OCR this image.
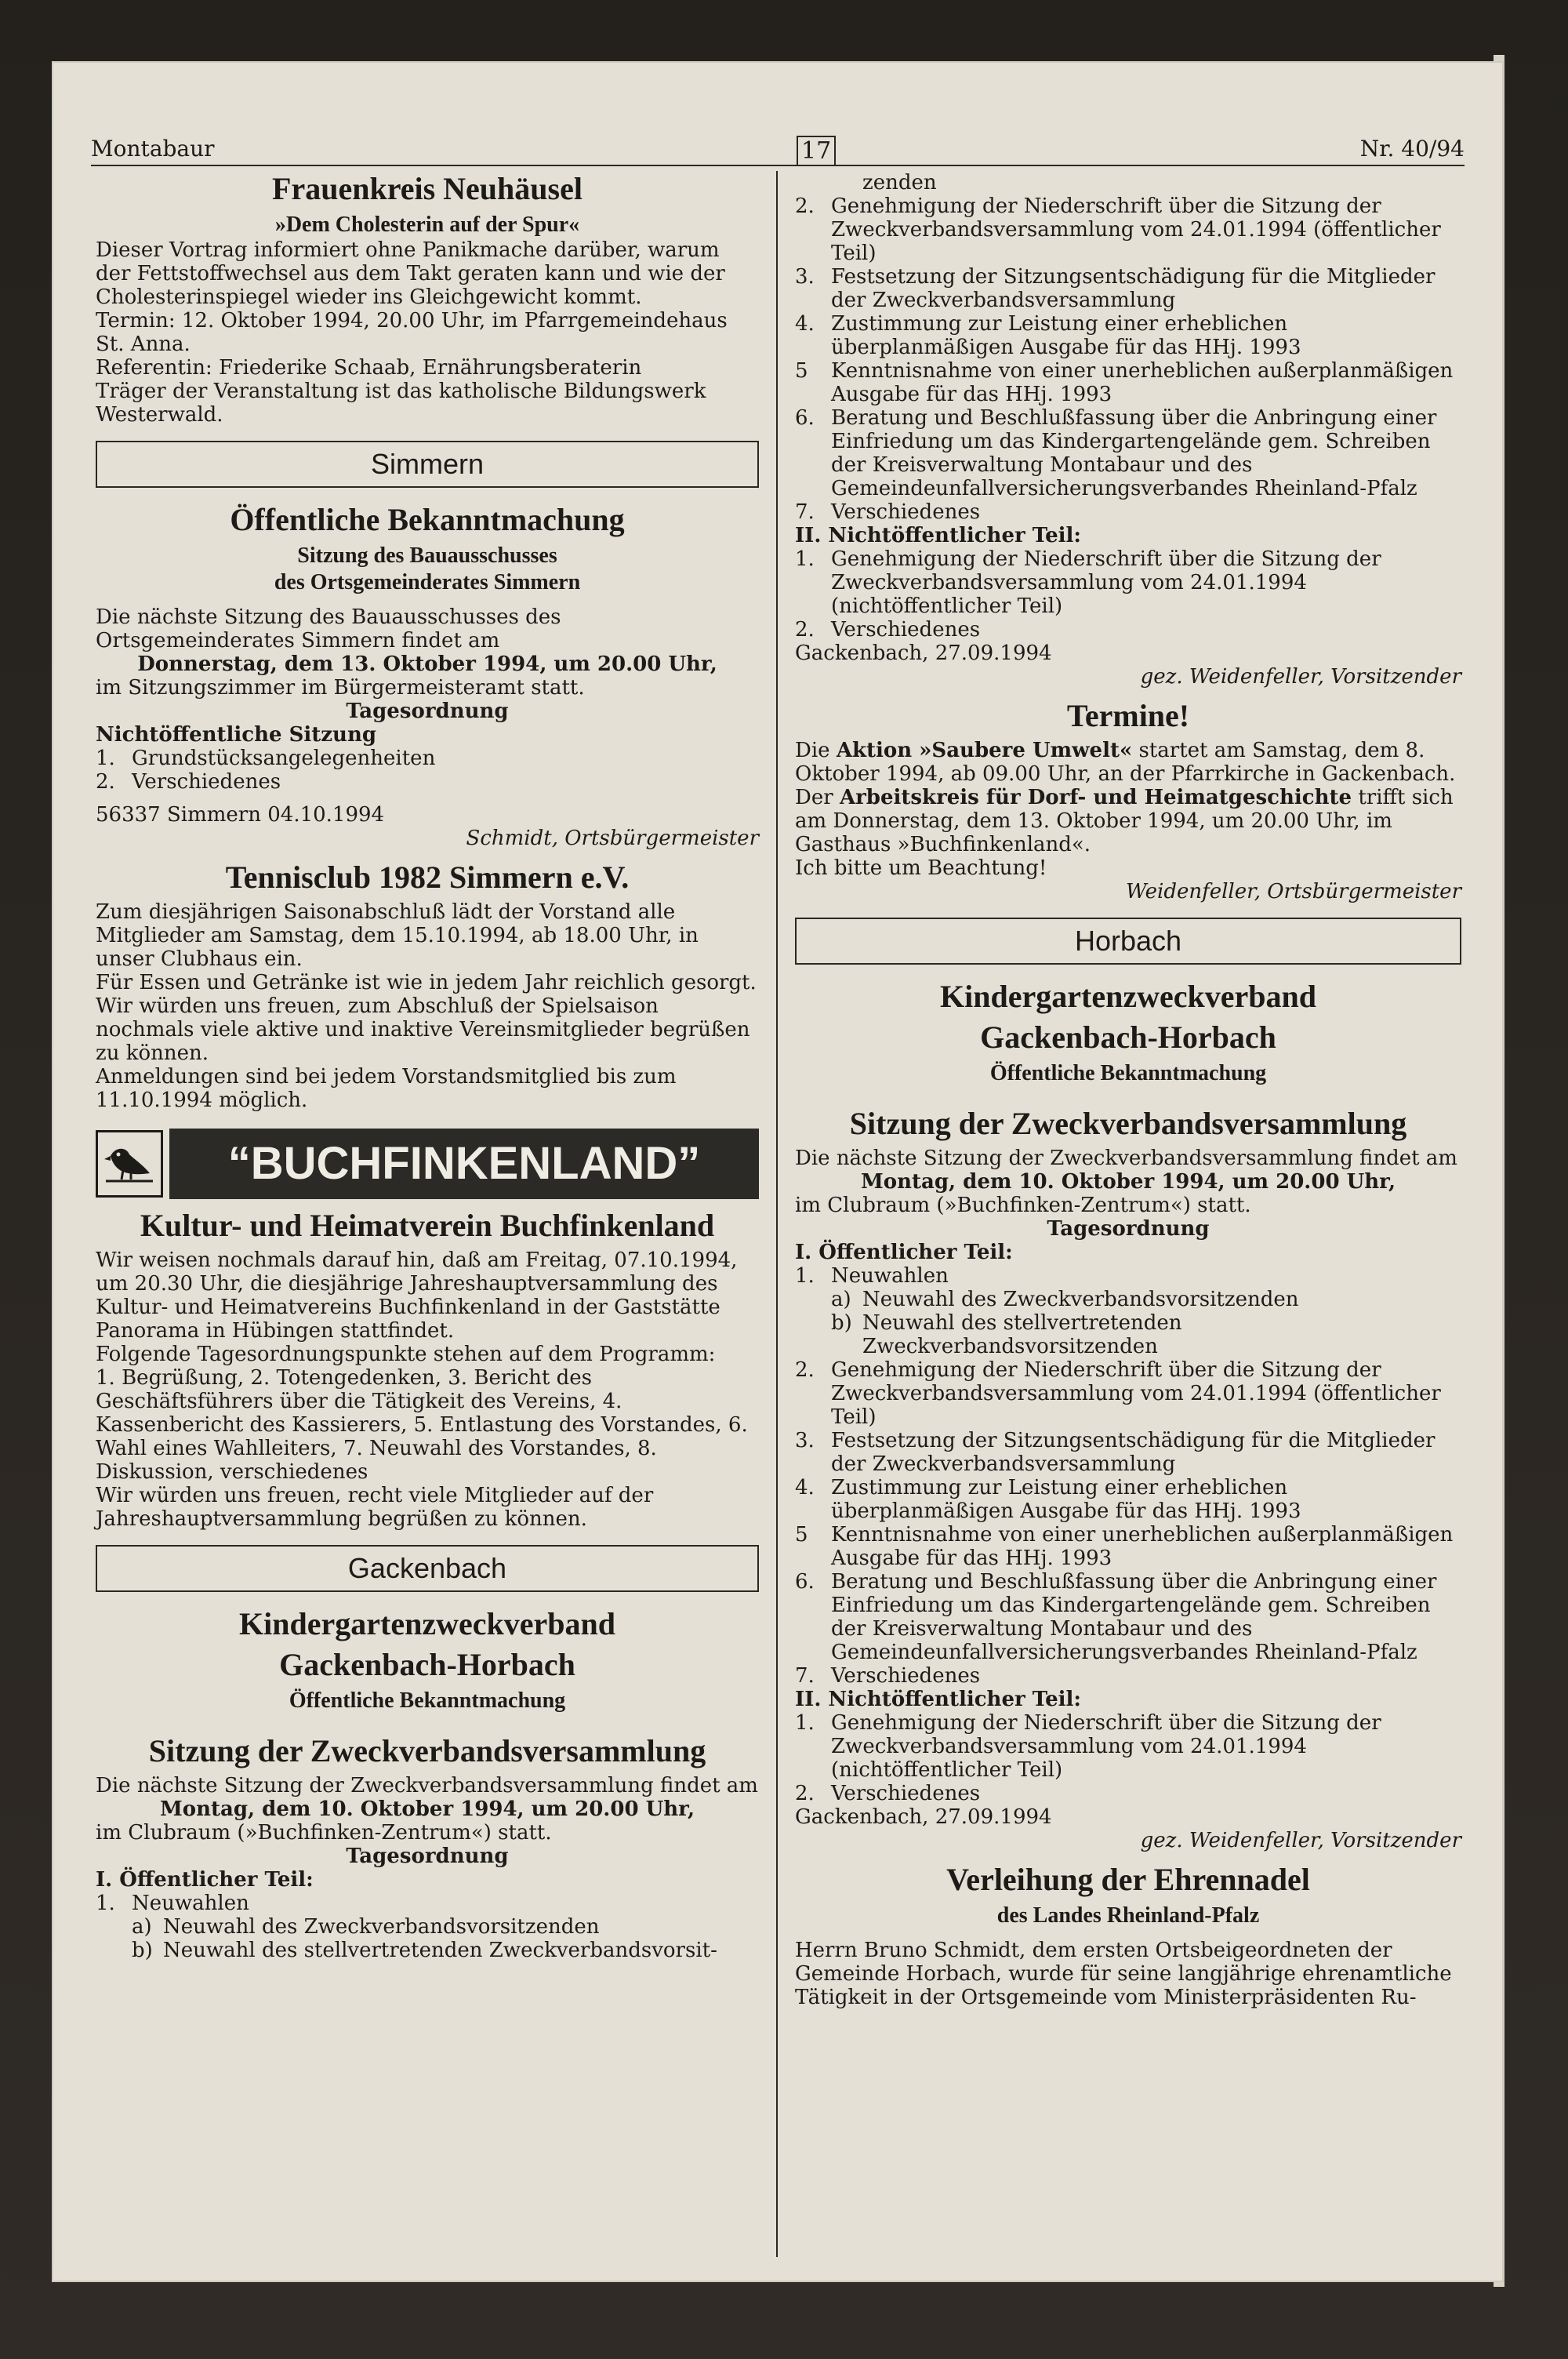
Montabaur	17	Nr. 40/94
Frauenkreis Neuhäusel
»Dem Cholesterin auf der Spur«

Dieser Vortrag informiert ohne Panikmache darüber, warum der Fettstoffwechsel aus dem Takt geraten kann und wie der Cholesterinspiegel wieder ins Gleichgewicht kommt.

Termin: 12. Oktober 1994, 20.00 Uhr, im Pfarrgemeindehaus St. Anna.

Referentin: Friederike Schaab, Ernährungsberaterin

Träger der Veranstaltung ist das katholische Bildungswerk Westerwald.

Simmern
Öffentliche Bekanntmachung
Sitzung des Bauausschusses
des Ortsgemeinderates Simmern

Die nächste Sitzung des Bauausschusses des Ortsgemeinderates Simmern findet am

Donnerstag, dem 13. Oktober 1994, um 20.00 Uhr,

im Sitzungszimmer im Bürgermeisteramt statt.

Tagesordnung

Nichtöffentliche Sitzung

1. Grundstücksangelegenheiten
2. Verschiedenes

56337 Simmern 04.10.1994

Schmidt, Ortsbürgermeister

Tennisclub 1982 Simmern e.V.

Zum diesjährigen Saisonabschluß lädt der Vorstand alle Mitglieder am Samstag, dem 15.10.1994, ab 18.00 Uhr, in unser Clubhaus ein.

Für Essen und Getränke ist wie in jedem Jahr reichlich gesorgt.

Wir würden uns freuen, zum Abschluß der Spielsaison nochmals viele aktive und inaktive Vereinsmitglieder begrüßen zu können.

Anmeldungen sind bei jedem Vorstandsmitglied bis zum 11.10.1994 möglich.

“BUCHFINKENLAND”
Kultur- und Heimatverein Buchfinkenland

Wir weisen nochmals darauf hin, daß am Freitag, 07.10.1994, um 20.30 Uhr, die diesjährige Jahreshauptversammlung des Kultur- und Heimatvereins Buchfinkenland in der Gaststätte Panorama in Hübingen stattfindet.

Folgende Tagesordnungspunkte stehen auf dem Programm:

1. Begrüßung, 2. Totengedenken, 3. Bericht des Geschäftsführers über die Tätigkeit des Vereins, 4. Kassenbericht des Kassierers, 5. Entlastung des Vorstandes, 6. Wahl eines Wahlleiters, 7. Neuwahl des Vorstandes, 8. Diskussion, verschiedenes

Wir würden uns freuen, recht viele Mitglieder auf der Jahreshauptversammlung begrüßen zu können.

Gackenbach
Kindergartenzweckverband
Gackenbach-Horbach
Öffentliche Bekanntmachung
Sitzung der Zweckverbandsversammlung

Die nächste Sitzung der Zweckverbandsversammlung findet am

Montag, dem 10. Oktober 1994, um 20.00 Uhr,

im Clubraum (»Buchfinken-Zentrum«) statt.

Tagesordnung

I. Öffentlicher Teil:

1. Neuwahlen
a) Neuwahl des Zweckverbandsvorsitzenden
b) Neuwahl des stellvertretenden Zweckverbandsvorsit-

zenden

2. Genehmigung der Niederschrift über die Sitzung der Zweckverbandsversammlung vom 24.01.1994 (öffentlicher Teil)
3. Festsetzung der Sitzungsentschädigung für die Mitglieder der Zweckverbandsversammlung
4. Zustimmung zur Leistung einer erheblichen überplanmäßigen Ausgabe für das HHj. 1993
5	Kenntnisnahme von einer unerheblichen außerplanmäßigen Ausgabe für das HHj. 1993
6. Beratung und Beschlußfassung über die Anbringung einer Einfriedung um das Kindergartengelände gem. Schreiben der Kreisverwaltung Montabaur und des Gemeindeunfallversicherungsverbandes Rheinland-Pfalz
7. Verschiedenes

II. Nichtöffentlicher Teil:

1. Genehmigung der Niederschrift über die Sitzung der Zweckverbandsversammlung vom 24.01.1994 (nichtöffentlicher Teil)
2. Verschiedenes

Gackenbach, 27.09.1994

gez. Weidenfeller, Vorsitzender

Termine!

Die Aktion »Saubere Umwelt« startet am Samstag, dem 8. Oktober 1994, ab 09.00 Uhr, an der Pfarrkirche in Gackenbach.

Der Arbeitskreis für Dorf- und Heimatgeschichte trifft sich am Donnerstag, dem 13. Oktober 1994, um 20.00 Uhr, im Gasthaus »Buchfinkenland«.

Ich bitte um Beachtung!

Weidenfeller, Ortsbürgermeister

Horbach
Kindergartenzweckverband
Gackenbach-Horbach
Öffentliche Bekanntmachung
Sitzung der Zweckverbandsversammlung

Die nächste Sitzung der Zweckverbandsversammlung findet am

Montag, dem 10. Oktober 1994, um 20.00 Uhr,

im Clubraum (»Buchfinken-Zentrum«) statt.

Tagesordnung

I. Öffentlicher Teil:

1. Neuwahlen
a) Neuwahl des Zweckverbandsvorsitzenden
b) Neuwahl des stellvertretenden Zweckverbandsvorsitzenden
2. Genehmigung der Niederschrift über die Sitzung der Zweckverbandsversammlung vom 24.01.1994 (öffentlicher Teil)
3. Festsetzung der Sitzungsentschädigung für die Mitglieder der Zweckverbandsversammlung
4. Zustimmung zur Leistung einer erheblichen überplanmäßigen Ausgabe für das HHj. 1993
5	Kenntnisnahme von einer unerheblichen außerplanmäßigen Ausgabe für das HHj. 1993
6. Beratung und Beschlußfassung über die Anbringung einer Einfriedung um das Kindergartengelände gem. Schreiben der Kreisverwaltung Montabaur und des Gemeindeunfallversicherungsverbandes Rheinland-Pfalz
7. Verschiedenes

II. Nichtöffentlicher Teil:

1. Genehmigung der Niederschrift über die Sitzung der Zweckverbandsversammlung vom 24.01.1994 (nichtöffentlicher Teil)
2. Verschiedenes

Gackenbach, 27.09.1994

gez. Weidenfeller, Vorsitzender

Verleihung der Ehrennadel
des Landes Rheinland-Pfalz

Herrn Bruno Schmidt, dem ersten Ortsbeigeordneten der Gemeinde Horbach, wurde für seine langjährige ehrenamtliche Tätigkeit in der Ortsgemeinde vom Ministerpräsidenten Ru-
